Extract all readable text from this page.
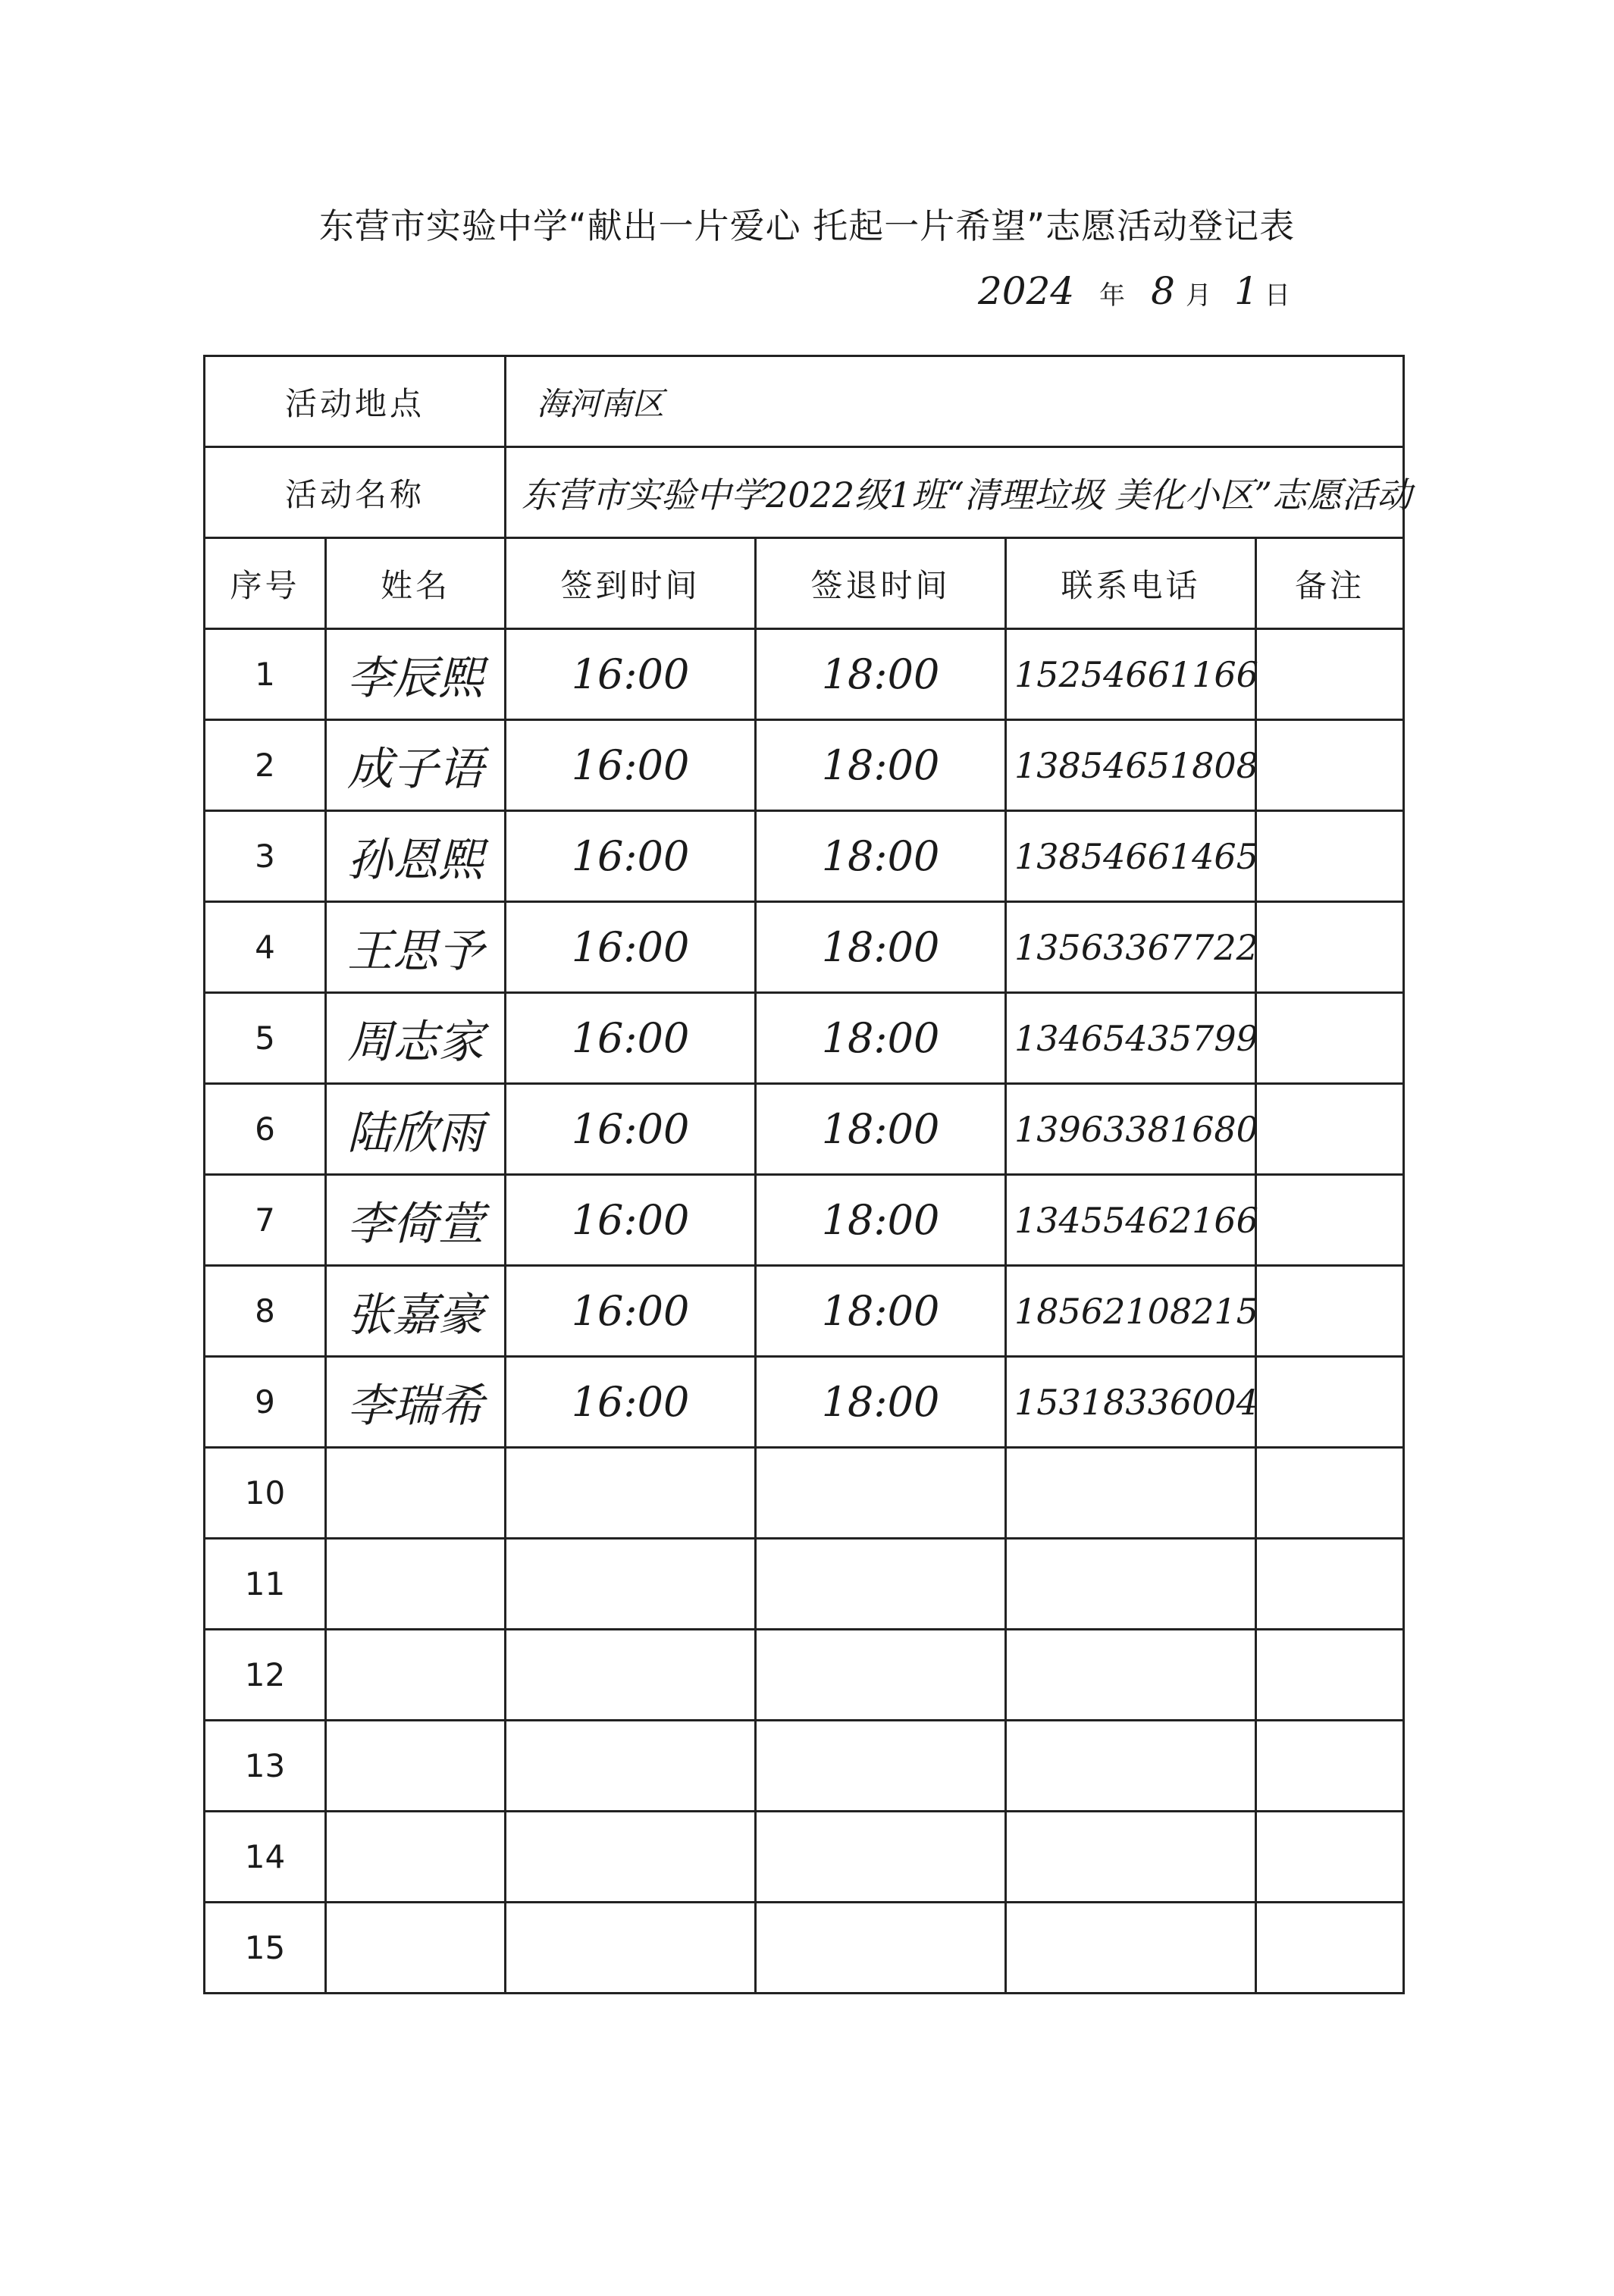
东营市实验中学“献出一片爱心 托起一片希望”志愿活动登记表
2024 年 8 月 1 日
活动地点		海河南区			
活动名称		东营市实验中学2022级1班“清理垃圾 美化小区”志愿活动			
序号	姓名	签到时间	签退时间	联系电话	备注
1	李辰熙	16:00	18:00	15254661166	
2	成子语	16:00	18:00	13854651808	
3	孙恩熙	16:00	18:00	13854661465	
4	王思予	16:00	18:00	13563367722	
5	周志家	16:00	18:00	13465435799	
6	陆欣雨	16:00	18:00	13963381680	
7	李倚萱	16:00	18:00	13455462166	
8	张嘉豪	16:00	18:00	18562108215	
9	李瑞希	16:00	18:00	15318336004	
10					
11					
12					
13					
14					
15					
